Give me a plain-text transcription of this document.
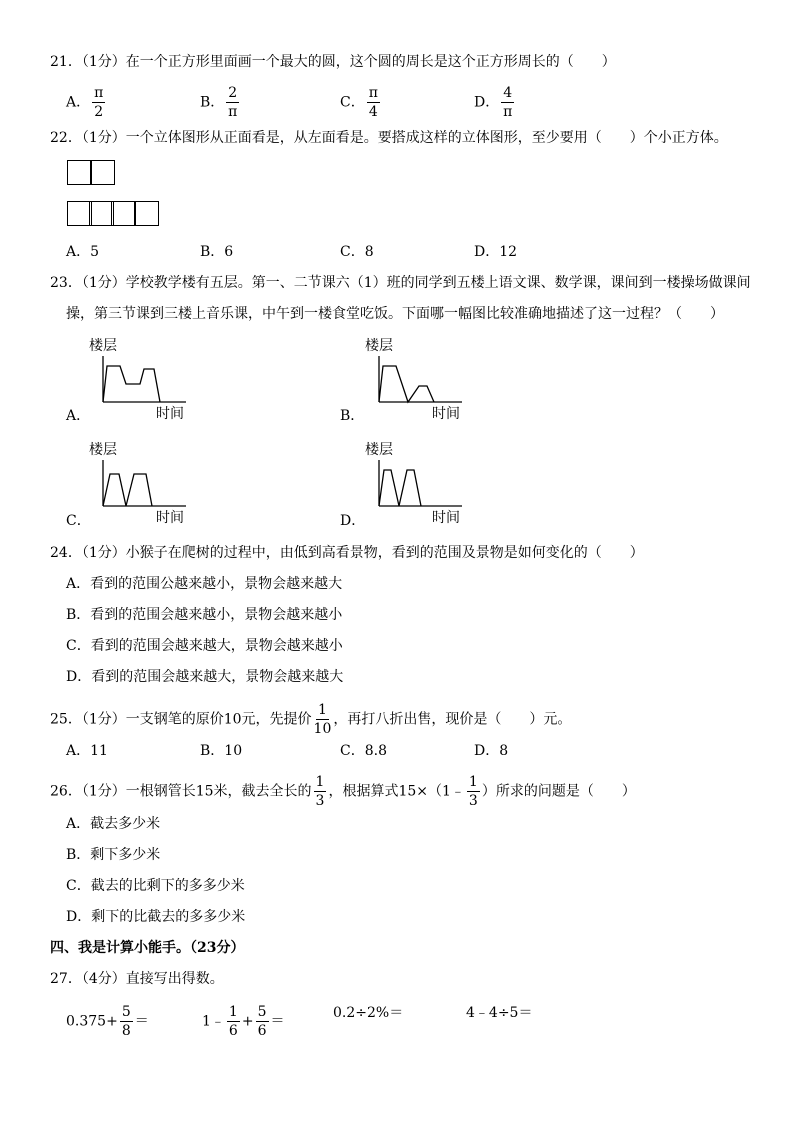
21．（1分）在一个正方形里面画一个最大的圆，这个圆的周长是这个正方形周长的（　　）
A． $\frac{\pi}{2}$	B． $\frac{2}{\pi}$	C． $\frac{\pi}{4}$	D． $\frac{4}{\pi}$
22．（1分）一个立体图形从正面看是，从左面看是。要搭成这样的立体图形，至少要用（　　）个小正方体。
A．5	B．6	C．8	D．12
23．（1分）学校教学楼有五层。第一、二节课六（1）班的同学到五楼上语文课、数学课，课间到一楼操场做课间
操，第三节课到三楼上音乐课，中午到一楼食堂吃饭。下面哪一幅图比较准确地描述了这一过程？（　　）
A．
楼层
时间	B．
楼层
时间
C．
楼层
时间	D．
楼层
时间
24．（1分）小猴子在爬树的过程中，由低到高看景物，看到的范围及景物是如何变化的（　　）
A．看到的范围公越来越小，景物会越来越大
B．看到的范围会越来越小，景物会越来越小
C．看到的范围会越来越大，景物会越来越小
D．看到的范围会越来越大，景物会越来越大
25．（1分）一支钢笔的原价10元，先提价 $\frac{1}{10}$ ，再打八折出售，现价是（　　）元。
A．11	B．10	C．8.8	D．8
26．（1分）一根钢管长15米，截去全长的 $\frac{1}{3}$ ，根据算式15×（1﹣ $\frac{1}{3}$ ）所求的问题是（　　）
A．截去多少米
B．剩下多少米
C．截去的比剩下的多多少米
D．剩下的比截去的多多少米
四、我是计算小能手。（23分）
27．（4分）直接写出得数。
$0.375+ \frac{5}{8}$ ＝	1﹣ $\frac{1}{6} + \frac{5}{6}$ ＝
0.2÷2%＝	4﹣4÷5＝
